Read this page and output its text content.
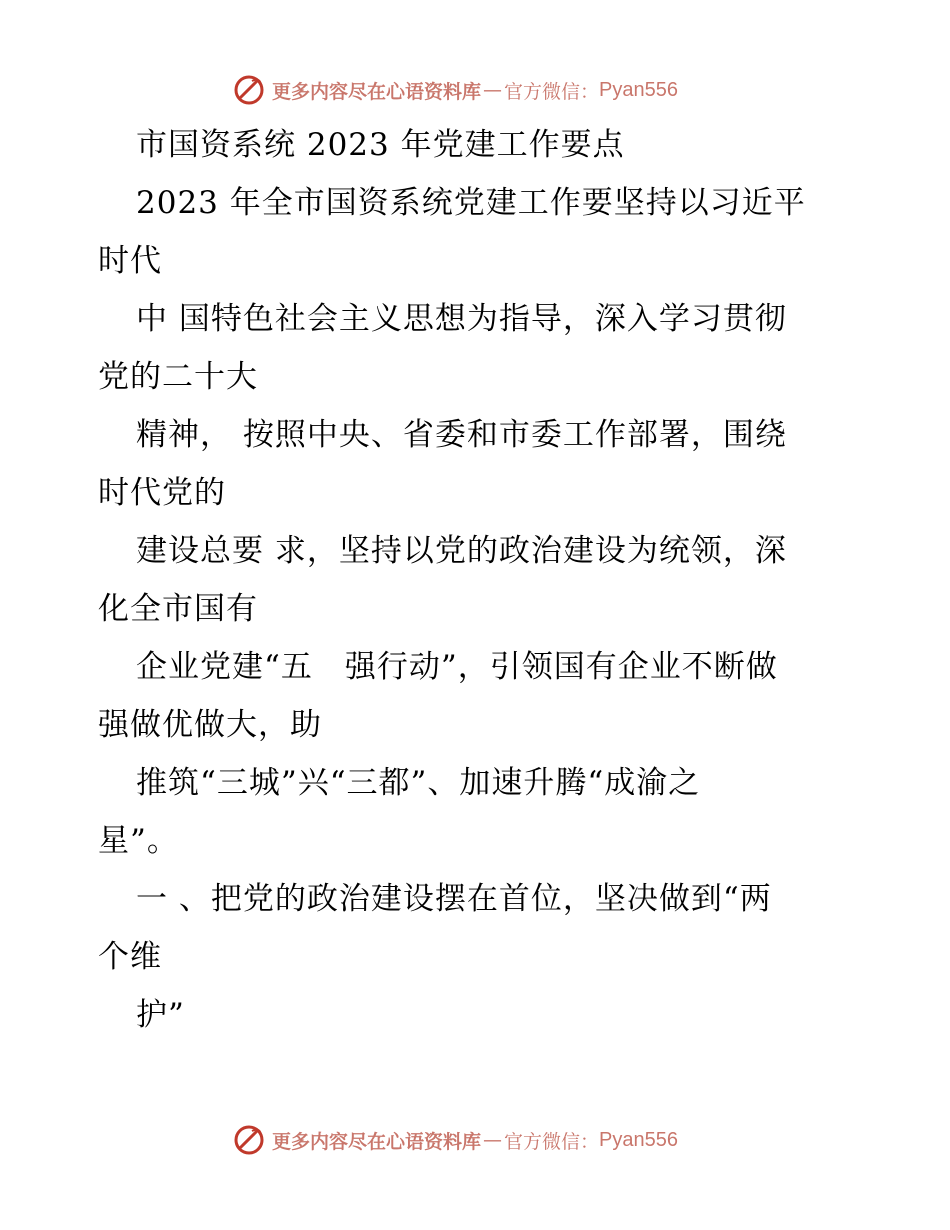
更多内容尽在心语资料库 — 官方微信： Pyan556
市国资系统 2023 年党建工作要点
2023 年全市国资系统党建工作要坚持以习近平
时代
中 国特色社会主义思想为指导，深入学习贯彻
党的二十大
精神， 按照中央、省委和市委工作部署，围绕
时代党的
建设总要 求，坚持以党的政治建设为统领，深
化全市国有
企业党建“五　强行动”，引领国有企业不断做
强做优做大，助
推筑“三城”兴“三都”、加速升腾“成渝之
星”。
一 、把党的政治建设摆在首位，坚决做到“两
个维
护”
更多内容尽在心语资料库 — 官方微信： Pyan556
